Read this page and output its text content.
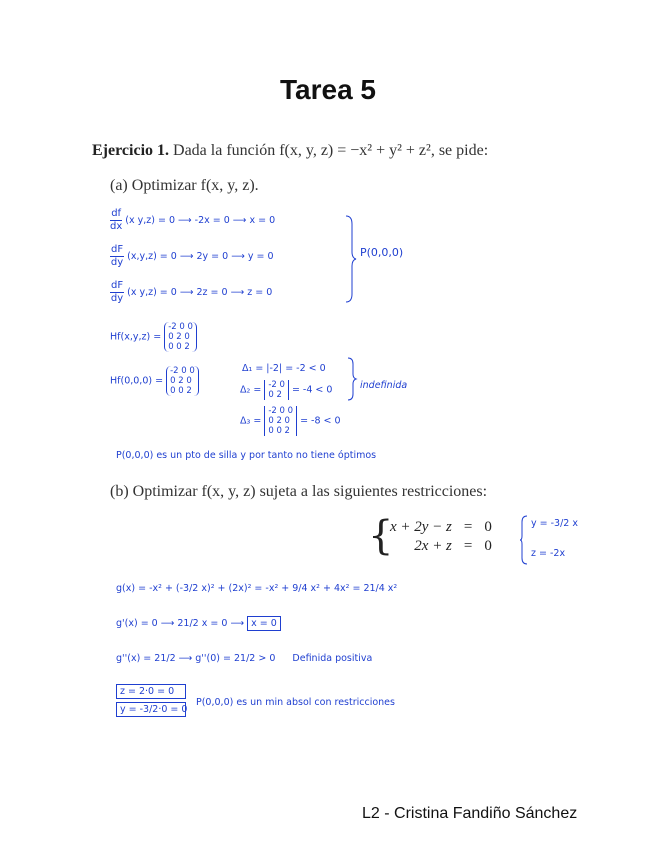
Tarea 5
Ejercicio 1. Dada la función f(x, y, z) = −x² + y² + z², se pide:
(a) Optimizar f(x, y, z).
$\frac{df}{dx} (x$ y,z) = 0 ⟶ -2x = 0 ⟶ x = 0
$\frac{dF}{dy} (x,y,z) = 0$ ⟶ 2y = 0 ⟶ y = 0
$\frac{dF}{dy} (x$ y,z) = 0 ⟶ 2z = 0 ⟶ z = 0
P(0,0,0)
Hf(x,y,z) =
-2 0 0
0 2 0
0 0 2
Hf(0,0,0) =
-2 0 0
0 2 0
0 0 2
Δ₁ = |-2| = -2 < 0
Δ₂ = -2 0
0 2	= -4 < 0	indefinida
Δ₃ =
-2 0 0
0 2 0
0 0 2
= -8 < 0
P(0,0,0) es un pto de silla y por tanto no tiene óptimos
(b) Optimizar f(x, y, z) sujeta a las siguientes restricciones:
{
x + 2y − z	=	0
2x + z	=	0
y = -3/2 x
z = -2x
g(x) = -x² + (-3/2 x)² + (2x)² = -x² + 9/4 x² + 4x² = 21/4 x²
g'(x) = 0 ⟶ 21/2 x = 0 ⟶ x = 0
g''(x) = 21/2 ⟶ g''(0) = 21/2 > 0 Definida positiva
z = 2·0 = 0
y = -3/2·0 = 0
P(0,0,0) es un min absol con restricciones
L2 - Cristina Fandiño Sánchez
